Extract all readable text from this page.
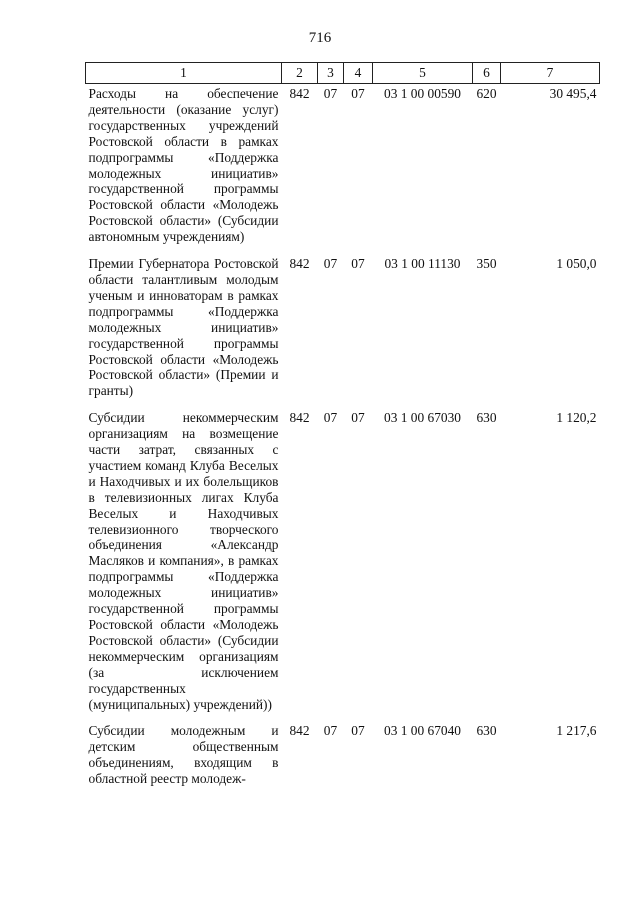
716
1	2	3	4	5	6	7
Расходы на обеспечение деятельности (оказание услуг) государственных учреждений Ростовской области в рамках подпрограммы «Поддержка молодежных инициатив» государственной программы Ростовской области «Молодежь Ростовской области» (Субсидии автономным учреждениям)	842	07	07	03 1 00 00590	620	30 495,4
Премии Губернатора Ростовской области талантливым молодым ученым и инноваторам в рамках подпрограммы «Поддержка молодежных инициатив» государственной программы Ростовской области «Молодежь Ростовской области» (Премии и гранты)	842	07	07	03 1 00 11130	350	1 050,0
Субсидии некоммерческим организациям на возмещение части затрат, связанных с участием команд Клуба Веселых и Находчивых и их болельщиков в телевизионных лигах Клуба Веселых и Находчивых телевизионного творческого объединения «Александр Масляков и компания», в рамках подпрограммы «Поддержка молодежных инициатив» государственной программы Ростовской области «Молодежь Ростовской области» (Субсидии некоммерческим организациям (за исключением государственных (муниципальных) учреждений))	842	07	07	03 1 00 67030	630	1 120,2
Субсидии молодежным и детским общественным объединениям, входящим в областной реестр молодеж-	842	07	07	03 1 00 67040	630	1 217,6
